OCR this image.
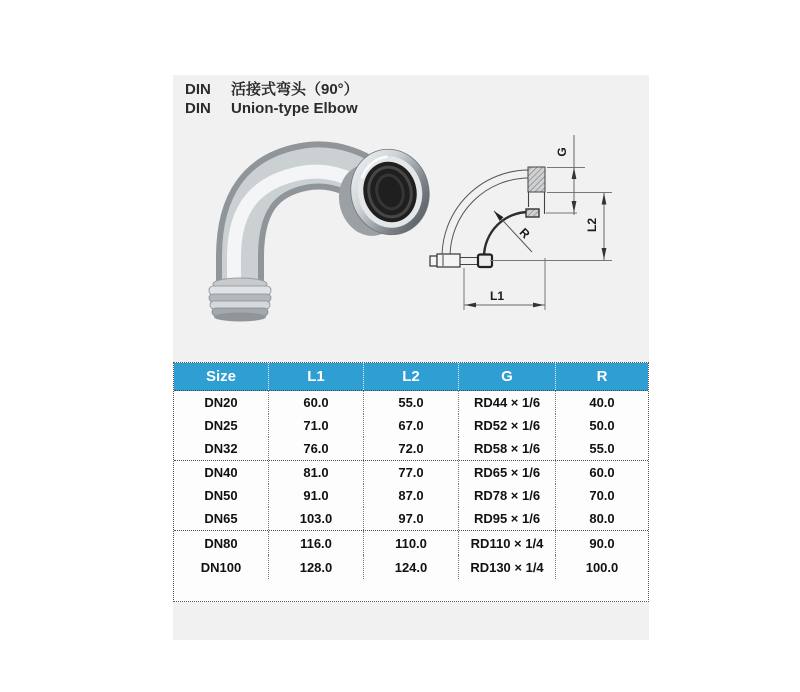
DIN 活接式弯头（90°）
DIN Union-type Elbow
G
L2
L1
R
Size	L1	L2	G	R
DN20	60.0	55.0	RD44 × 1/6	40.0
DN25	71.0	67.0	RD52 × 1/6	50.0
DN32	76.0	72.0	RD58 × 1/6	55.0
DN40	81.0	77.0	RD65 × 1/6	60.0
DN50	91.0	87.0	RD78 × 1/6	70.0
DN65	103.0	97.0	RD95 × 1/6	80.0
DN80	116.0	110.0	RD110 × 1/4	90.0
DN100	128.0	124.0	RD130 × 1/4	100.0
